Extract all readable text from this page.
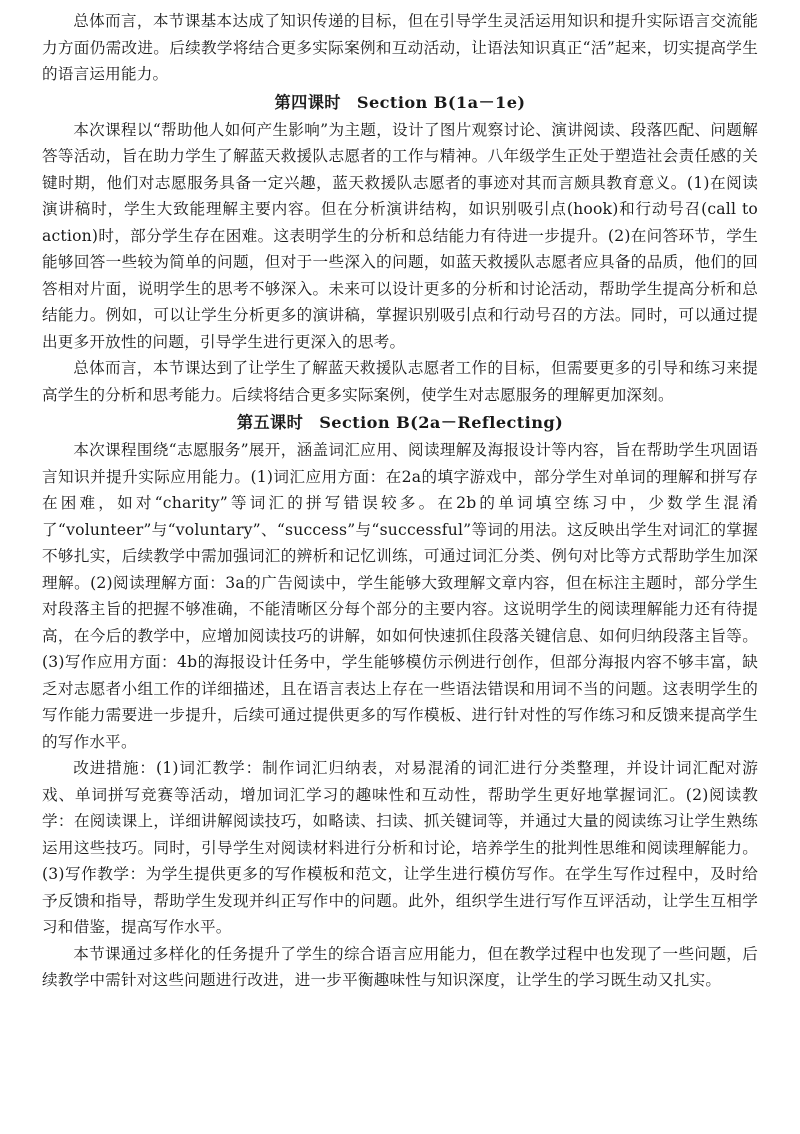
103

总体而言，本节课基本达成了知识传递的目标，但在引导学生灵活运用知识和提升实际语言交流能力方面仍需改进。后续教学将结合更多实际案例和互动活动，让语法知识真正“活”起来，切实提高学生的语言运用能力。

第四课时 Section B(1a－1e)

本次课程以“帮助他人如何产生影响”为主题，设计了图片观察讨论、演讲阅读、段落匹配、问题解答等活动，旨在助力学生了解蓝天救援队志愿者的工作与精神。八年级学生正处于塑造社会责任感的关键时期，他们对志愿服务具备一定兴趣，蓝天救援队志愿者的事迹对其而言颇具教育意义。(1)在阅读演讲稿时，学生大致能理解主要内容。但在分析演讲结构，如识别吸引点(hook)和行动号召(call to action)时，部分学生存在困难。这表明学生的分析和总结能力有待进一步提升。(2)在问答环节，学生能够回答一些较为简单的问题，但对于一些深入的问题，如蓝天救援队志愿者应具备的品质，他们的回答相对片面，说明学生的思考不够深入。未来可以设计更多的分析和讨论活动，帮助学生提高分析和总结能力。例如，可以让学生分析更多的演讲稿，掌握识别吸引点和行动号召的方法。同时，可以通过提出更多开放性的问题，引导学生进行更深入的思考。

总体而言，本节课达到了让学生了解蓝天救援队志愿者工作的目标，但需要更多的引导和练习来提高学生的分析和思考能力。后续将结合更多实际案例，使学生对志愿服务的理解更加深刻。

第五课时 Section B(2a－Reflecting)

本次课程围绕“志愿服务”展开，涵盖词汇应用、阅读理解及海报设计等内容，旨在帮助学生巩固语言知识并提升实际应用能力。(1)词汇应用方面：在2a的填字游戏中，部分学生对单词的理解和拼写存在困难，如对“charity”等词汇的拼写错误较多。在2b的单词填空练习中，少数学生混淆了“volunteer”与“voluntary”、“success”与“successful”等词的用法。这反映出学生对词汇的掌握不够扎实，后续教学中需加强词汇的辨析和记忆训练，可通过词汇分类、例句对比等方式帮助学生加深理解。(2)阅读理解方面：3a的广告阅读中，学生能够大致理解文章内容，但在标注主题时，部分学生对段落主旨的把握不够准确，不能清晰区分每个部分的主要内容。这说明学生的阅读理解能力还有待提高，在今后的教学中，应增加阅读技巧的讲解，如如何快速抓住段落关键信息、如何归纳段落主旨等。(3)写作应用方面：4b的海报设计任务中，学生能够模仿示例进行创作，但部分海报内容不够丰富，缺乏对志愿者小组工作的详细描述，且在语言表达上存在一些语法错误和用词不当的问题。这表明学生的写作能力需要进一步提升，后续可通过提供更多的写作模板、进行针对性的写作练习和反馈来提高学生的写作水平。

改进措施：(1)词汇教学：制作词汇归纳表，对易混淆的词汇进行分类整理，并设计词汇配对游戏、单词拼写竞赛等活动，增加词汇学习的趣味性和互动性，帮助学生更好地掌握词汇。(2)阅读教学：在阅读课上，详细讲解阅读技巧，如略读、扫读、抓关键词等，并通过大量的阅读练习让学生熟练运用这些技巧。同时，引导学生对阅读材料进行分析和讨论，培养学生的批判性思维和阅读理解能力。(3)写作教学：为学生提供更多的写作模板和范文，让学生进行模仿写作。在学生写作过程中，及时给予反馈和指导，帮助学生发现并纠正写作中的问题。此外，组织学生进行写作互评活动，让学生互相学习和借鉴，提高写作水平。

本节课通过多样化的任务提升了学生的综合语言应用能力，但在教学过程中也发现了一些问题，后续教学中需针对这些问题进行改进，进一步平衡趣味性与知识深度，让学生的学习既生动又扎实。
